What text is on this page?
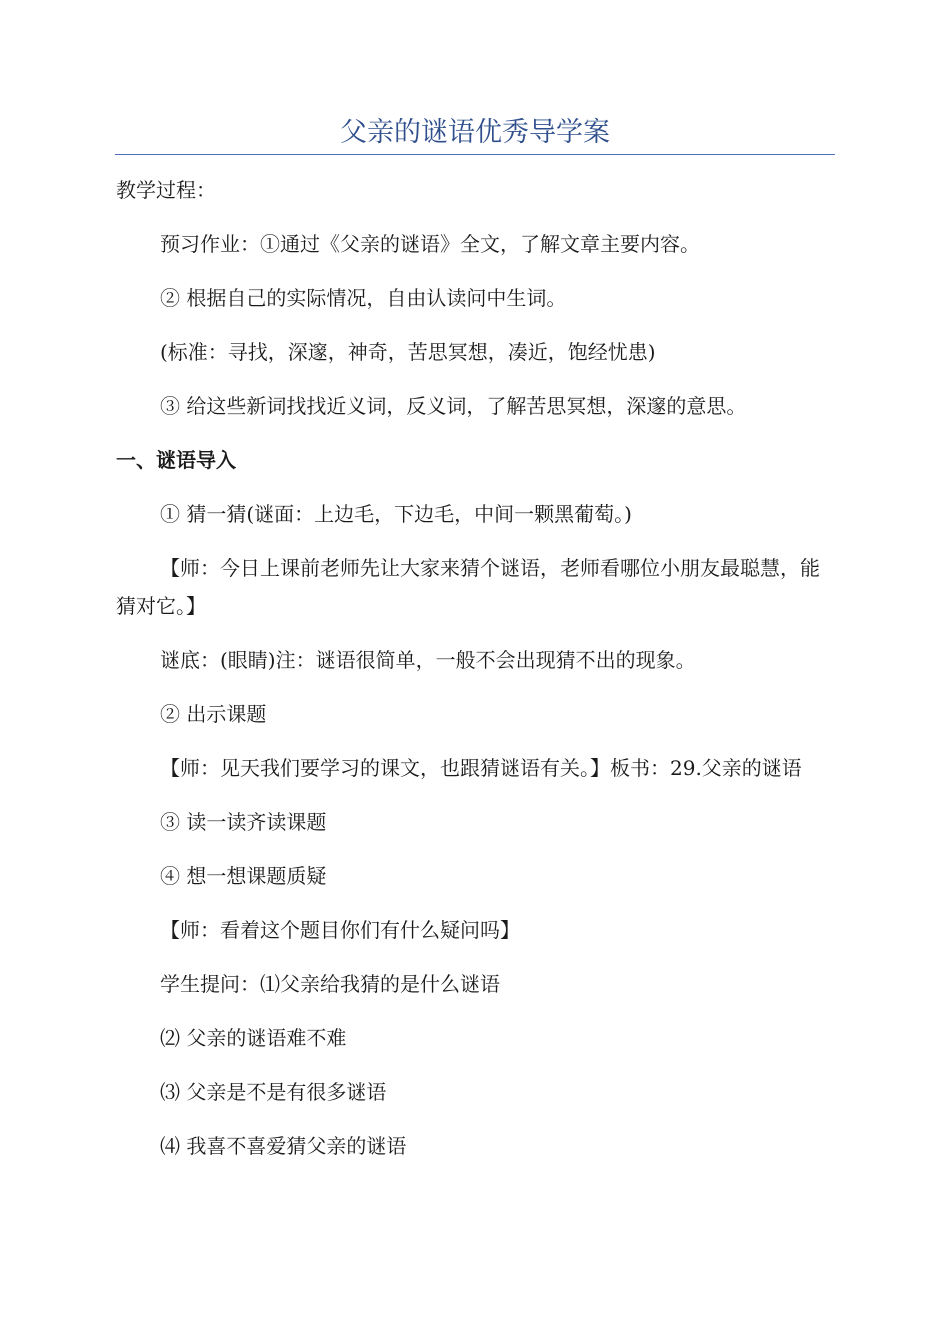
父亲的谜语优秀导学案

教学过程：

预习作业：①通过《父亲的谜语》全文，了解文章主要内容。

② 根据自己的实际情况，自由认读问中生词。

(标准：寻找，深邃，神奇，苦思冥想，凑近，饱经忧患)

③ 给这些新词找找近义词，反义词，了解苦思冥想，深邃的意思。

一、谜语导入

① 猜一猜(谜面：上边毛，下边毛，中间一颗黑葡萄。)

【师：今日上课前老师先让大家来猜个谜语，老师看哪位小朋友最聪慧，能猜对它。】

谜底：(眼睛)注：谜语很简单，一般不会出现猜不出的现象。

② 出示课题

【师：见天我们要学习的课文，也跟猜谜语有关。】板书：29.父亲的谜语

③ 读一读齐读课题

④ 想一想课题质疑

【师：看着这个题目你们有什么疑问吗】

学生提问：⑴父亲给我猜的是什么谜语

⑵ 父亲的谜语难不难

⑶ 父亲是不是有很多谜语

⑷ 我喜不喜爱猜父亲的谜语
